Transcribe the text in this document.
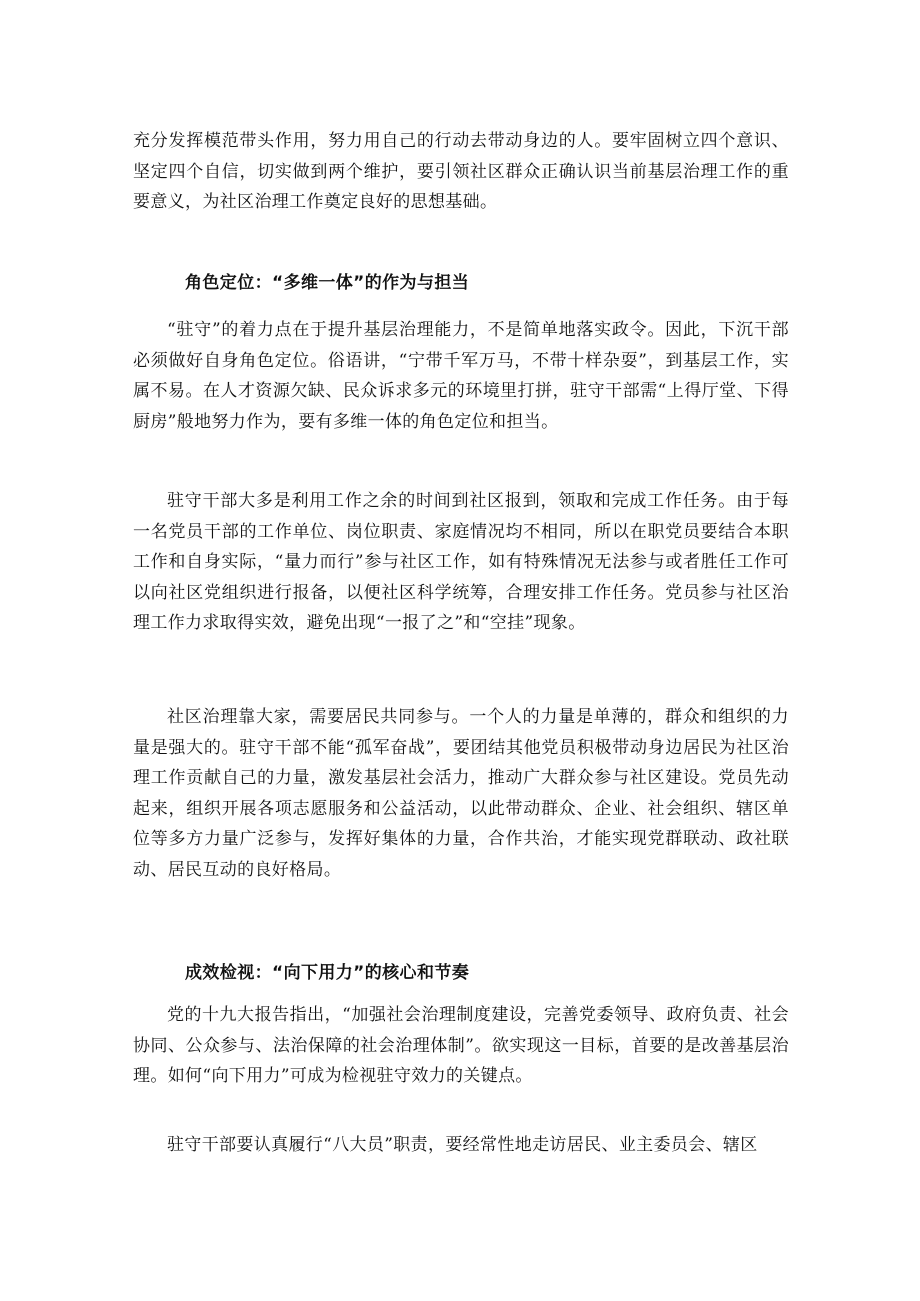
充分发挥模范带头作用，努力用自己的行动去带动身边的人。要牢固树立四个意识、坚定四个自信，切实做到两个维护，要引领社区群众正确认识当前基层治理工作的重要意义，为社区治理工作奠定良好的思想基础。

角色定位：“多维一体”的作为与担当

“驻守”的着力点在于提升基层治理能力，不是简单地落实政令。因此，下沉干部必须做好自身角色定位。俗语讲，“宁带千军万马，不带十样杂耍”，到基层工作，实属不易。在人才资源欠缺、民众诉求多元的环境里打拼，驻守干部需“上得厅堂、下得厨房”般地努力作为，要有多维一体的角色定位和担当。

驻守干部大多是利用工作之余的时间到社区报到，领取和完成工作任务。由于每一名党员干部的工作单位、岗位职责、家庭情况均不相同，所以在职党员要结合本职工作和自身实际，“量力而行”参与社区工作，如有特殊情况无法参与或者胜任工作可以向社区党组织进行报备，以便社区科学统筹，合理安排工作任务。党员参与社区治理工作力求取得实效，避免出现“一报了之”和“空挂”现象。

社区治理靠大家，需要居民共同参与。一个人的力量是单薄的，群众和组织的力量是强大的。驻守干部不能“孤军奋战”，要团结其他党员积极带动身边居民为社区治理工作贡献自己的力量，激发基层社会活力，推动广大群众参与社区建设。党员先动起来，组织开展各项志愿服务和公益活动，以此带动群众、企业、社会组织、辖区单位等多方力量广泛参与，发挥好集体的力量，合作共治，才能实现党群联动、政社联动、居民互动的良好格局。

成效检视：“向下用力”的核心和节奏

党的十九大报告指出，“加强社会治理制度建设，完善党委领导、政府负责、社会协同、公众参与、法治保障的社会治理体制”。欲实现这一目标，首要的是改善基层治理。如何“向下用力”可成为检视驻守效力的关键点。

驻守干部要认真履行“八大员”职责，要经常性地走访居民、业主委员会、辖区
